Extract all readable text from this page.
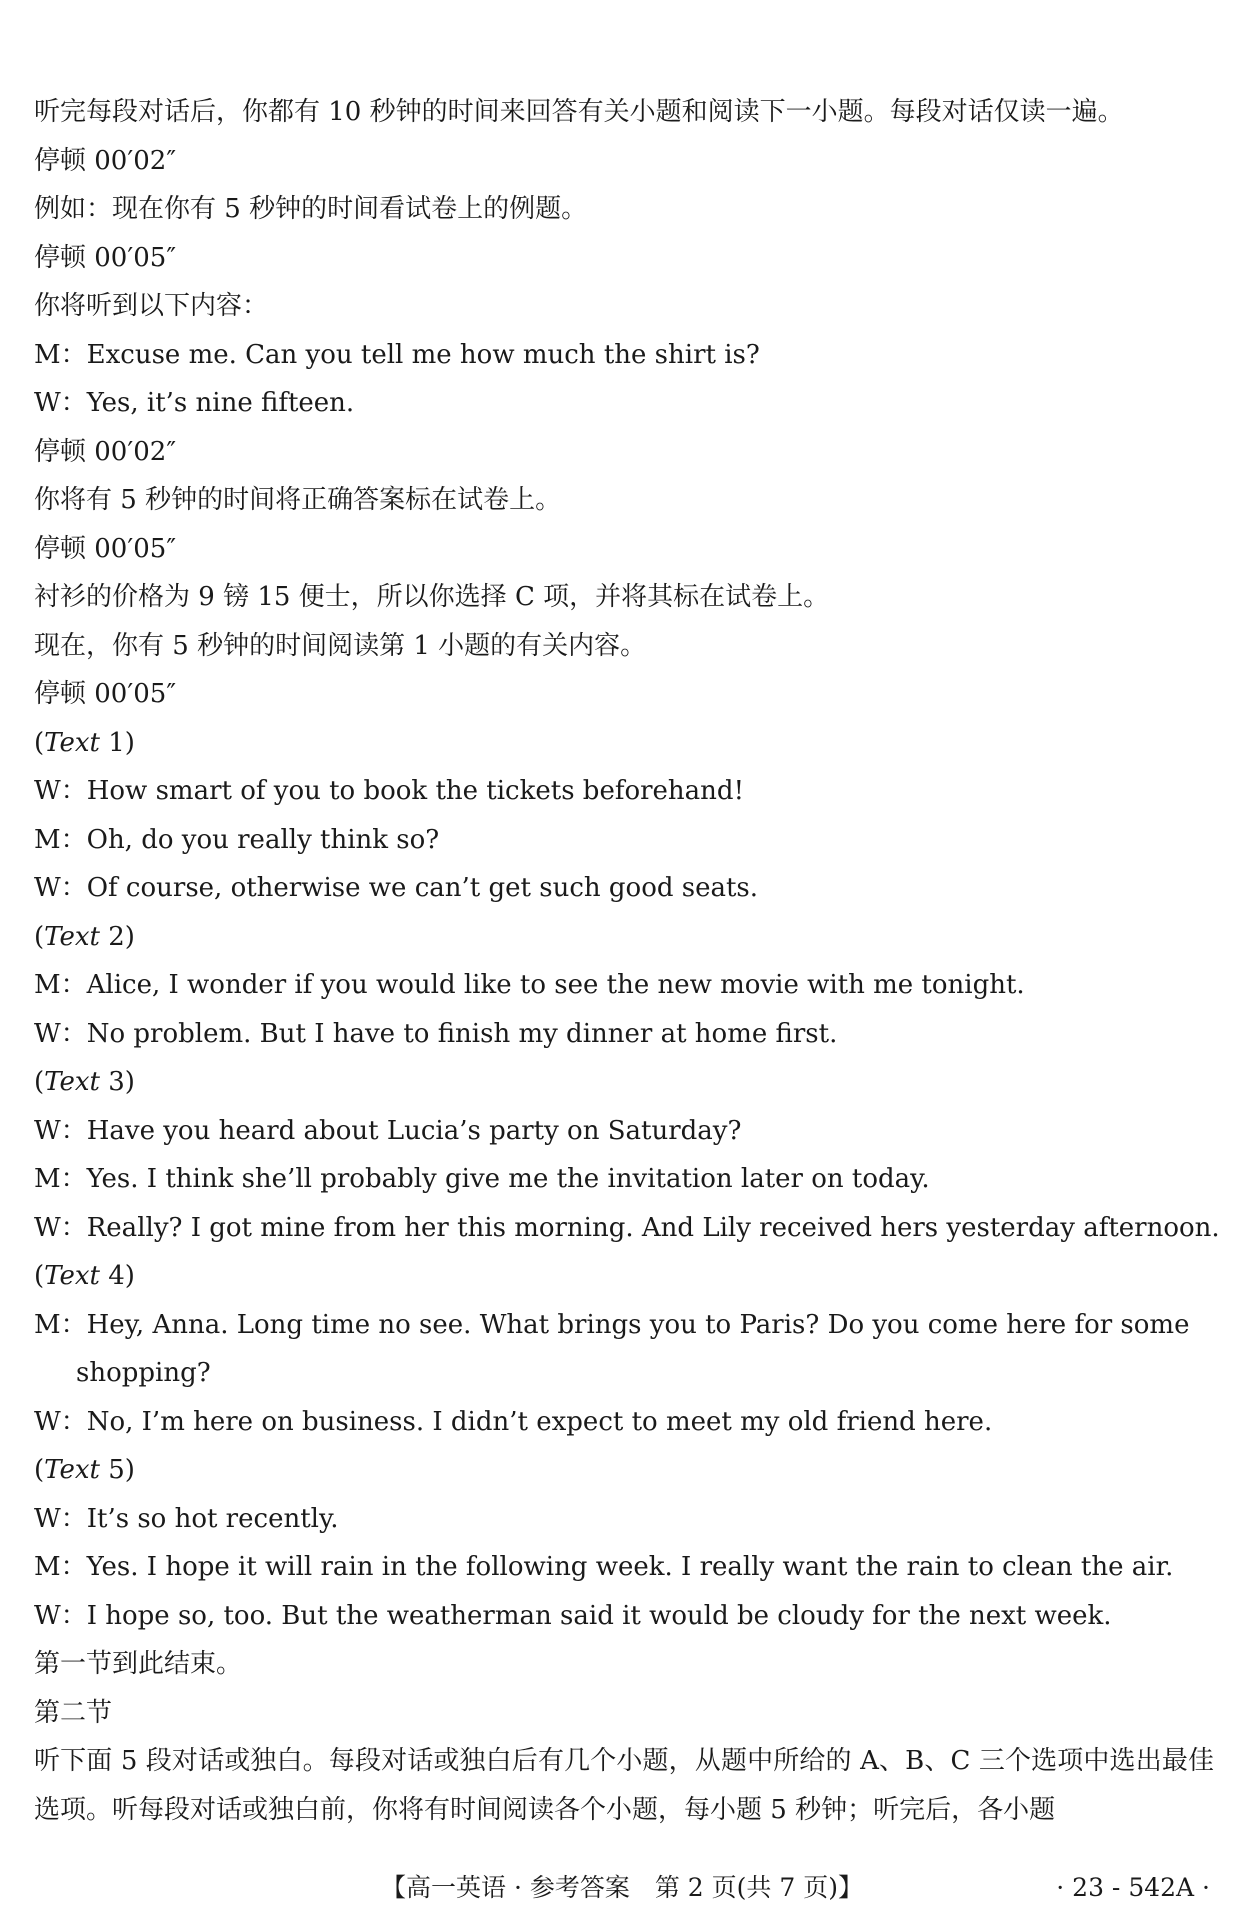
听完每段对话后，你都有 10 秒钟的时间来回答有关小题和阅读下一小题。每段对话仅读一遍。
停顿 00′02″
例如：现在你有 5 秒钟的时间看试卷上的例题。
停顿 00′05″
你将听到以下内容：
M：Excuse me. Can you tell me how much the shirt is?
W：Yes, it’s nine fifteen.
停顿 00′02″
你将有 5 秒钟的时间将正确答案标在试卷上。
停顿 00′05″
衬衫的价格为 9 镑 15 便士，所以你选择 C 项，并将其标在试卷上。
现在，你有 5 秒钟的时间阅读第 1 小题的有关内容。
停顿 00′05″
(Text 1)
W：How smart of you to book the tickets beforehand!
M：Oh, do you really think so?
W：Of course, otherwise we can’t get such good seats.
(Text 2)
M：Alice, I wonder if you would like to see the new movie with me tonight.
W：No problem. But I have to finish my dinner at home first.
(Text 3)
W：Have you heard about Lucia’s party on Saturday?
M：Yes. I think she’ll probably give me the invitation later on today.
W：Really? I got mine from her this morning. And Lily received hers yesterday afternoon.
(Text 4)
M：Hey, Anna. Long time no see. What brings you to Paris? Do you come here for some shopping?
W：No, I’m here on business. I didn’t expect to meet my old friend here.
(Text 5)
W：It’s so hot recently.
M：Yes. I hope it will rain in the following week. I really want the rain to clean the air.
W：I hope so, too. But the weatherman said it would be cloudy for the next week.
第一节到此结束。
第二节
听下面 5 段对话或独白。每段对话或独白后有几个小题，从题中所给的 A、B、C 三个选项中选出最佳选项。听每段对话或独白前，你将有时间阅读各个小题，每小题 5 秒钟；听完后，各小题
【高一英语 · 参考答案　第 2 页(共 7 页)】	· 23 - 542A ·
